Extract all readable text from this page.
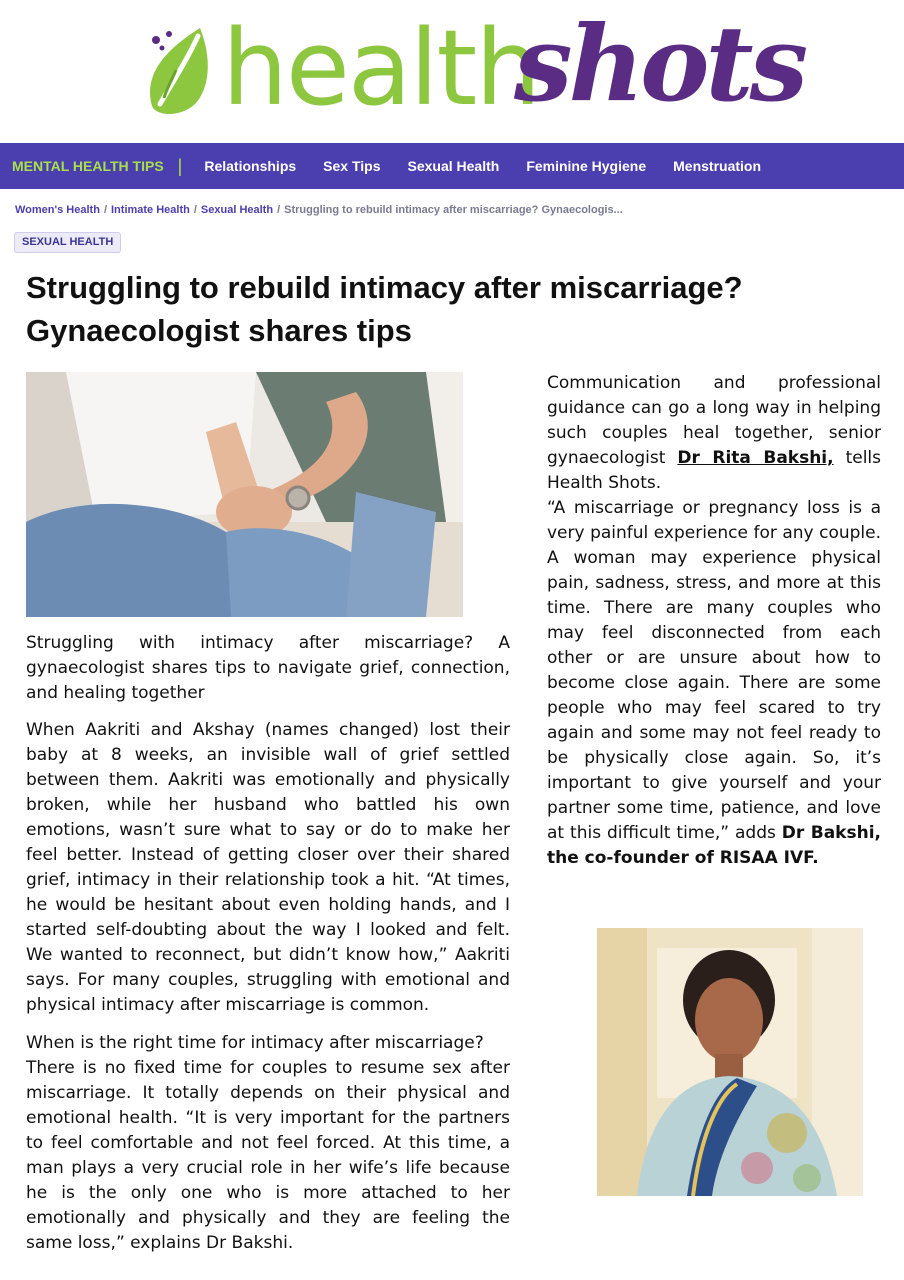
health
shots
MENTAL HEALTH TIPS | Relationships Sex Tips Sexual Health Feminine Hygiene Menstruation
Women's Health / Intimate Health / Sexual Health / Struggling to rebuild intimacy after miscarriage? Gynaecologis...
SEXUAL HEALTH
Struggling to rebuild intimacy after miscarriage? Gynaecologist shares tips

Struggling with intimacy after miscarriage? A gynaecologist shares tips to navigate grief, connection, and healing together

When Aakriti and Akshay (names changed) lost their baby at 8 weeks, an invisible wall of grief settled between them. Aakriti was emotionally and physically broken, while her husband who battled his own emotions, wasn’t sure what to say or do to make her feel better. Instead of getting closer over their shared grief, intimacy in their relationship took a hit. “At times, he would be hesitant about even holding hands, and I started self-doubting about the way I looked and felt. We wanted to reconnect, but didn’t know how,” Aakriti says. For many couples, struggling with emotional and physical intimacy after miscarriage is common.

When is the right time for intimacy after miscarriage?
There is no fixed time for couples to resume sex after miscarriage. It totally depends on their physical and emotional health. “It is very important for the partners to feel comfortable and not feel forced. At this time, a man plays a very crucial role in her wife’s life because he is the only one who is more attached to her emotionally and physically and they are feeling the same loss,” explains Dr Bakshi.

Communication and professional guidance can go a long way in helping such couples heal together, senior gynaecologist Dr Rita Bakshi, tells Health Shots.

“A miscarriage or pregnancy loss is a very painful experience for any couple. A woman may experience physical pain, sadness, stress, and more at this time. There are many couples who may feel disconnected from each other or are unsure about how to become close again. There are some people who may feel scared to try again and some may not feel ready to be physically close again. So, it’s important to give yourself and your partner some time, patience, and love at this difficult time,” adds Dr Bakshi, the co-founder of RISAA IVF.
